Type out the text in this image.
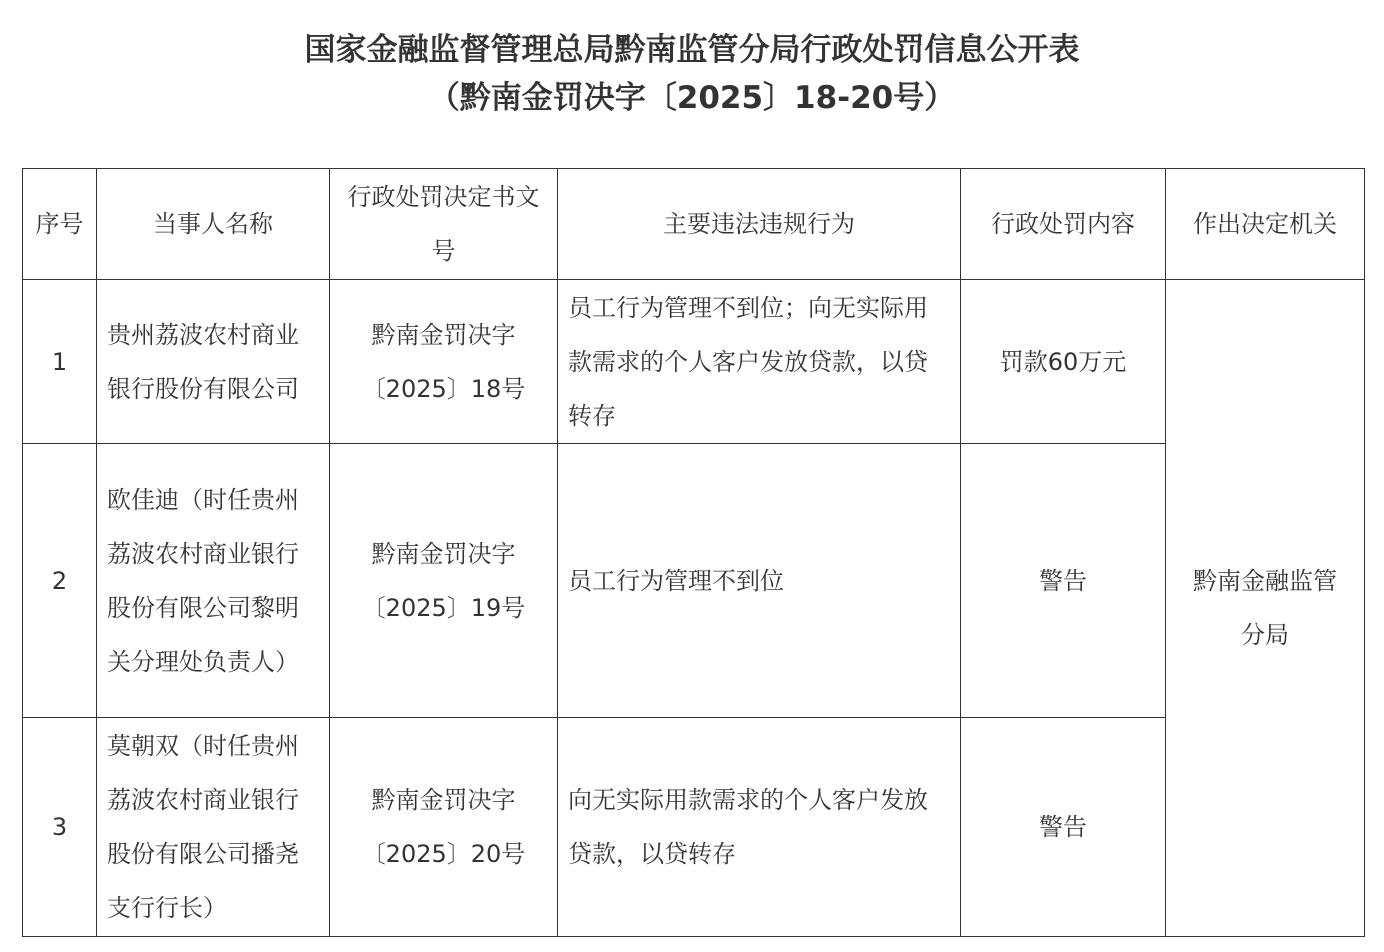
国家金融监督管理总局黔南监管分局行政处罚信息公开表
（黔南金罚决字〔2025〕18-20号）
序号	当事人名称	行政处罚决定书文号	主要违法违规行为	行政处罚内容	作出决定机关
1	贵州荔波农村商业银行股份有限公司	黔南金罚决字〔2025〕18号	员工行为管理不到位；向无实际用款需求的个人客户发放贷款，以贷转存	罚款60万元	黔南金融监管分局
2	欧佳迪（时任贵州荔波农村商业银行股份有限公司黎明关分理处负责人）	黔南金罚决字〔2025〕19号	员工行为管理不到位	警告	
3	莫朝双（时任贵州荔波农村商业银行股份有限公司播尧支行行长）	黔南金罚决字〔2025〕20号	向无实际用款需求的个人客户发放贷款，以贷转存	警告	
